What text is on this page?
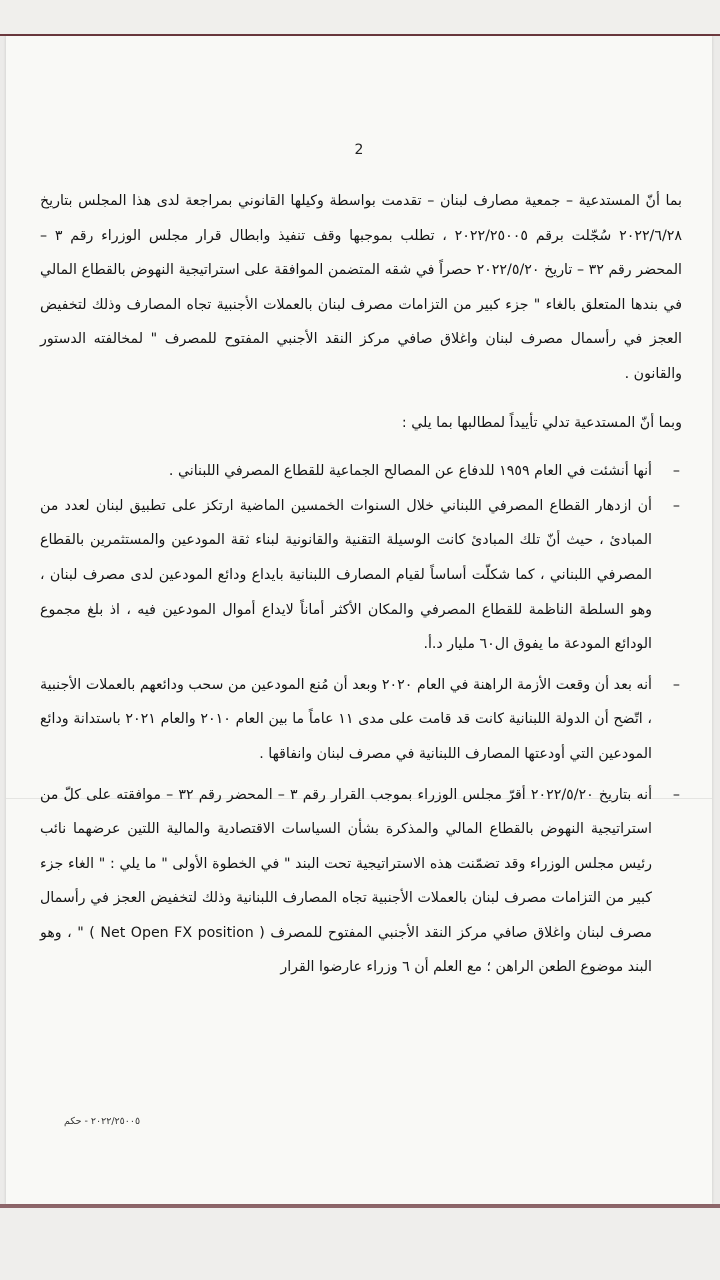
2

بما أنّ المستدعية – جمعية مصارف لبنان – تقدمت بواسطة وكيلها القانوني بمراجعة لدى هذا المجلس بتاريخ ٢٠٢٢/٦/٢٨ سُجّلت برقم ٢٠٢٢/٢٥٠٠٥ ، تطلب بموجبها وقف تنفيذ وابطال قرار مجلس الوزراء رقم ٣ – المحضر رقم ٣٢ – تاريخ ٢٠٢٢/٥/٢٠ حصراً في شقه المتضمن الموافقة على استراتيجية النهوض بالقطاع المالي في بندها المتعلق بالغاء " جزء كبير من التزامات مصرف لبنان بالعملات الأجنبية تجاه المصارف وذلك لتخفيض العجز في رأسمال مصرف لبنان واغلاق صافي مركز النقد الأجنبي المفتوح للمصرف " لمخالفته الدستور والقانون .

وبما أنّ المستدعية تدلي تأييداً لمطالبها بما يلي :

–

أنها أنشئت في العام ١٩٥٩ للدفاع عن المصالح الجماعية للقطاع المصرفي اللبناني .

–

أن ازدهار القطاع المصرفي اللبناني خلال السنوات الخمسين الماضية ارتكز على تطبيق لبنان لعدد من المبادئ ، حيث أنّ تلك المبادئ كانت الوسيلة التقنية والقانونية لبناء ثقة المودعين والمستثمرين بالقطاع المصرفي اللبناني ، كما شكلّت أساساً لقيام المصارف اللبنانية بايداع ودائع المودعين لدى مصرف لبنان ، وهو السلطة الناظمة للقطاع المصرفي والمكان الأكثر أماناً لايداع أموال المودعين فيه ، اذ بلغ مجموع الودائع المودعة ما يفوق ال٦٠ مليار د.أ.

–

أنه بعد أن وقعت الأزمة الراهنة في العام ٢٠٢٠ وبعد أن مُنع المودعين من سحب ودائعهم بالعملات الأجنبية ، اتّضح أن الدولة اللبنانية كانت قد قامت على مدى ١١ عاماً ما بين العام ٢٠١٠ والعام ٢٠٢١ باستدانة ودائع المودعين التي أودعتها المصارف اللبنانية في مصرف لبنان وانفاقها .

–

أنه بتاريخ ٢٠٢٢/٥/٢٠ أقرّ مجلس الوزراء بموجب القرار رقم ٣ – المحضر رقم ٣٢ – موافقته على كلّ من استراتيجية النهوض بالقطاع المالي والمذكرة بشأن السياسات الاقتصادية والمالية اللتين عرضهما نائب رئيس مجلس الوزراء وقد تضمّنت هذه الاستراتيجية تحت البند " في الخطوة الأولى " ما يلي : " الغاء جزء كبير من التزامات مصرف لبنان بالعملات الأجنبية تجاه المصارف اللبنانية وذلك لتخفيض العجز في رأسمال مصرف لبنان واغلاق صافي مركز النقد الأجنبي المفتوح للمصرف ( Net Open FX position ) " ، وهو البند موضوع الطعن الراهن ؛ مع العلم أن ٦ وزراء عارضوا القرار

٢٠٢٢/٢٥٠٠٥ - حكم
